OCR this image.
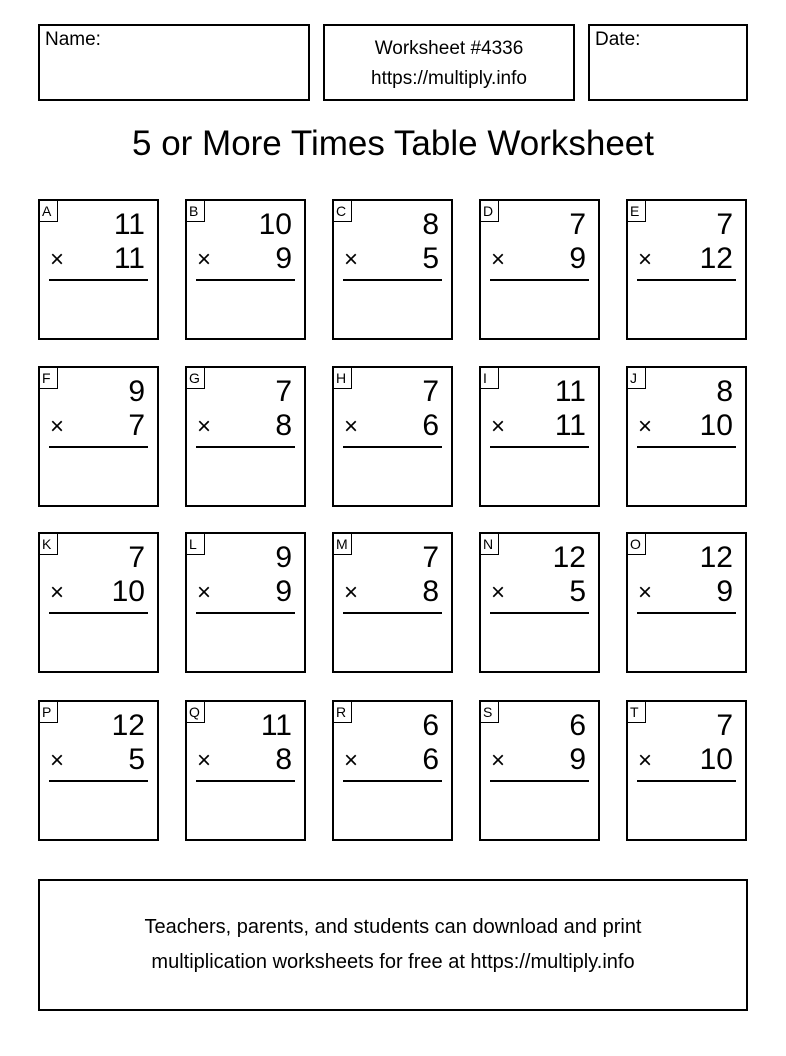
Name:	Worksheet #4336
https://multiply.info
Date:
5 or More Times Table Worksheet
A 11
× 11
B 10
× 9
C	8
× 5
D	7
× 9
E	7
× 12
F	9
× 7
G	7
× 8
H	7
× 6
I	11
× 11
J	8
× 10
K	7
× 10
L	9
× 9
M 7
× 8
N 12
× 5
O 12
× 9
P 12
× 5
Q 11
× 8
R	6
× 6
S	6
× 9
T	7
× 10
Teachers, parents, and students can download and print
multiplication worksheets for free at https://multiply.info
